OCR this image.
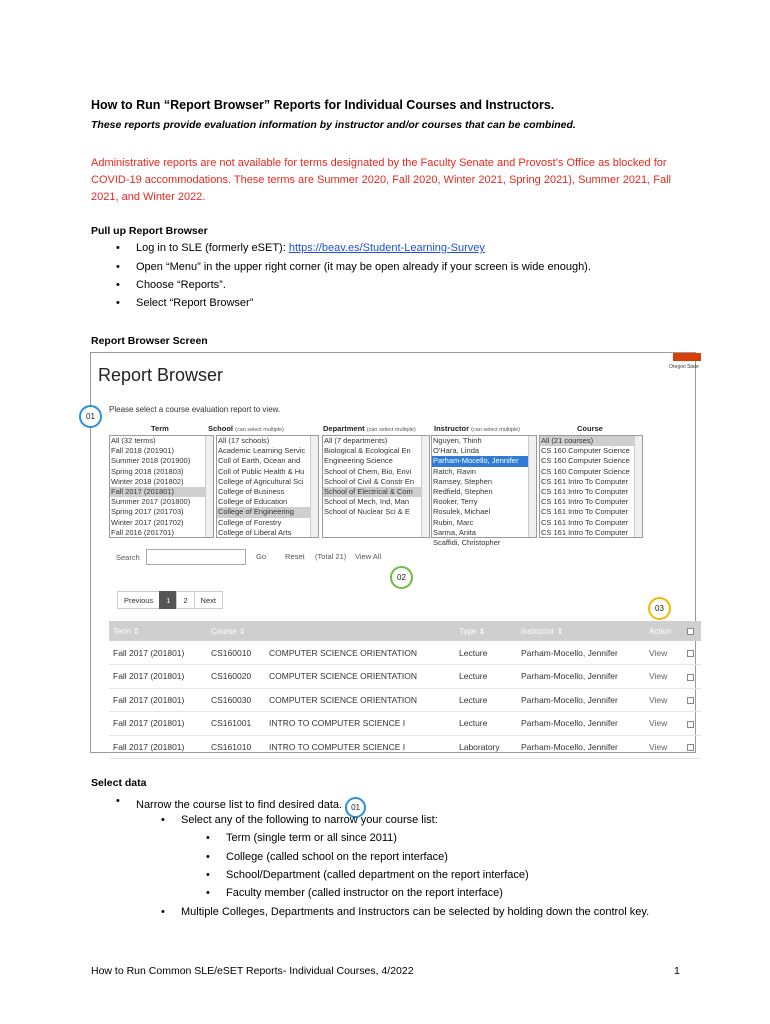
How to Run “Report Browser” Reports for Individual Courses and Instructors.
These reports provide evaluation information by instructor and/or courses that can be combined.
Administrative reports are not available for terms designated by the Faculty Senate and Provost’s Office as blocked for COVID-19 accommodations. These terms are Summer 2020, Fall 2020, Winter 2021, Spring 2021), Summer 2021, Fall 2021, and Winter 2022.
Pull up Report Browser
• Log in to SLE (formerly eSET): https://beav.es/Student-Learning-Survey
• Open “Menu” in the upper right corner (it may be open already if your screen is wide enough).
• Choose “Reports”.
• Select “Report Browser”
Report Browser Screen
Report Browser	Oregon State
Please select a course evaluation report to view.
Term	School (can select multiple)	Department (can select multiple) Instructor (can select multiple)	Course
All (32 terms)
Fall 2018 (201901)
Summer 2018 (201900)
Spring 2018 (201803)
Winter 2018 (201802)
Fall 2017 (201801)
Summer 2017 (201800)
Spring 2017 (201703)
Winter 2017 (201702)
Fall 2016 (201701)
All (17 schools)
Academic Learning Servic
Coll of Earth, Ocean and
Coll of Public Health & Hu
College of Agricultural Sci
College of Business
College of Education
College of Engineering
College of Forestry
College of Liberal Arts
All (7 departments)
Biological & Ecological En
Engineering Science
School of Chem, Bio, Envi
School of Civil & Constr En
School of Electrical & Com
School of Mech, Ind, Man
School of Nuclear Sci & E
Nguyen, Thinh
O'Hara, Linda
Parham-Mocello, Jennifer
Ratch, Ravin
Ramsey, Stephen
Redfield, Stephen
Rooker, Terry
Rosulek, Michael
Rubin, Marc
Sarma, Anita
Scaffidi, Christopher
All (21 courses)
CS 160 Computer Science
CS 160 Computer Science
CS 160 Computer Science
CS 161 Intro To Computer
CS 161 Intro To Computer
CS 161 Intro To Computer
CS 161 Intro To Computer
CS 161 Intro To Computer
CS 161 Intro To Computer
Search	Go	Reset (Total 21) View All
Previous	1	2	Next
Term ⇕	Course ⇕		Type ⇕	Instructor ⇕	Action	
Fall 2017 (201801)	CS160010	COMPUTER SCIENCE ORIENTATION	Lecture	Parham-Mocello, Jennifer	View	
Fall 2017 (201801)	CS160020	COMPUTER SCIENCE ORIENTATION	Lecture	Parham-Mocello, Jennifer	View	
Fall 2017 (201801)	CS160030	COMPUTER SCIENCE ORIENTATION	Lecture	Parham-Mocello, Jennifer	View	
Fall 2017 (201801)	CS161001	INTRO TO COMPUTER SCIENCE I	Lecture	Parham-Mocello, Jennifer	View	
Fall 2017 (201801)	CS161010	INTRO TO COMPUTER SCIENCE I	Laboratory	Parham-Mocello, Jennifer	View	
01
02
03
Select data
• Narrow the course list to find desired data. 01
• Select any of the following to narrow your course list:
• Term (single term or all since 2011)
• College (called school on the report interface)
• School/Department (called department on the report interface)
• Faculty member (called instructor on the report interface)
• Multiple Colleges, Departments and Instructors can be selected by holding down the control key.
How to Run Common SLE/eSET Reports- Individual Courses, 4/2022	1
